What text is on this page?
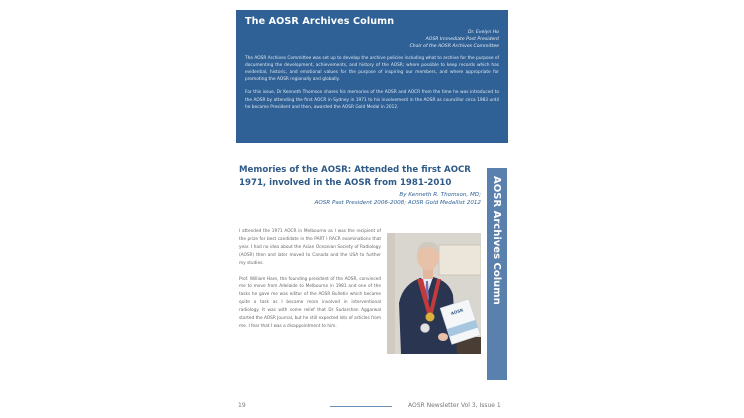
The AOSR Archives Column
Dr. Evelyn Ho
AOSR Immediate Past President
Chair of the AOSR Archives Committee

The AOSR Archives Committee was set up to develop the archive policies including what to archive for the purpose of documenting the development, achievements, and history of the AOSR; where possible to keep records which has evidential, historic, and emotional values for the purpose of inspiring our members, and where appropriate for promoting the AOSR regionally and globally.

For this issue, Dr Kenneth Thomson shares his memories of the AOSR and AOCR from the time he was introduced to the AOSR by attending the first AOCR in Sydney in 1971 to his involvement in the AOSR as councillor circa 1983 until he became President and then, awarded the AOSR Gold Medal in 2012.

Memories of the AOSR: Attended the first AOCR 1971, involved in the AOSR from 1981-2010
By Kenneth R. Thomson, MD;
AOSR Past President 2006-2008; AOSR Gold Medallist 2012

I attended the 1971 AOCR in Melbourne as I was the recipient of the prize for best candidate in the PART I RACR examinations that year. I had no idea about the Asian Oceanian Society of Radiology (AOSR) then and later moved to Canada and the USA to further my studies.

Prof. William Hare, the founding president of the AOSR, convinced me to move from Adelaide to Melbourne in 1981 and one of the tasks he gave me was editor of the AOSR Bulletin which became quite a task as I became more involved in interventional radiology. It was with some relief that Dr Sudarshan Aggarwal started the AOSR Journal, but he still expected lots of articles from me. I fear that I was a disappointment to him.

AOSR
AOSR Archives Column
19	AOSR Newsletter Vol 3, Issue 1
